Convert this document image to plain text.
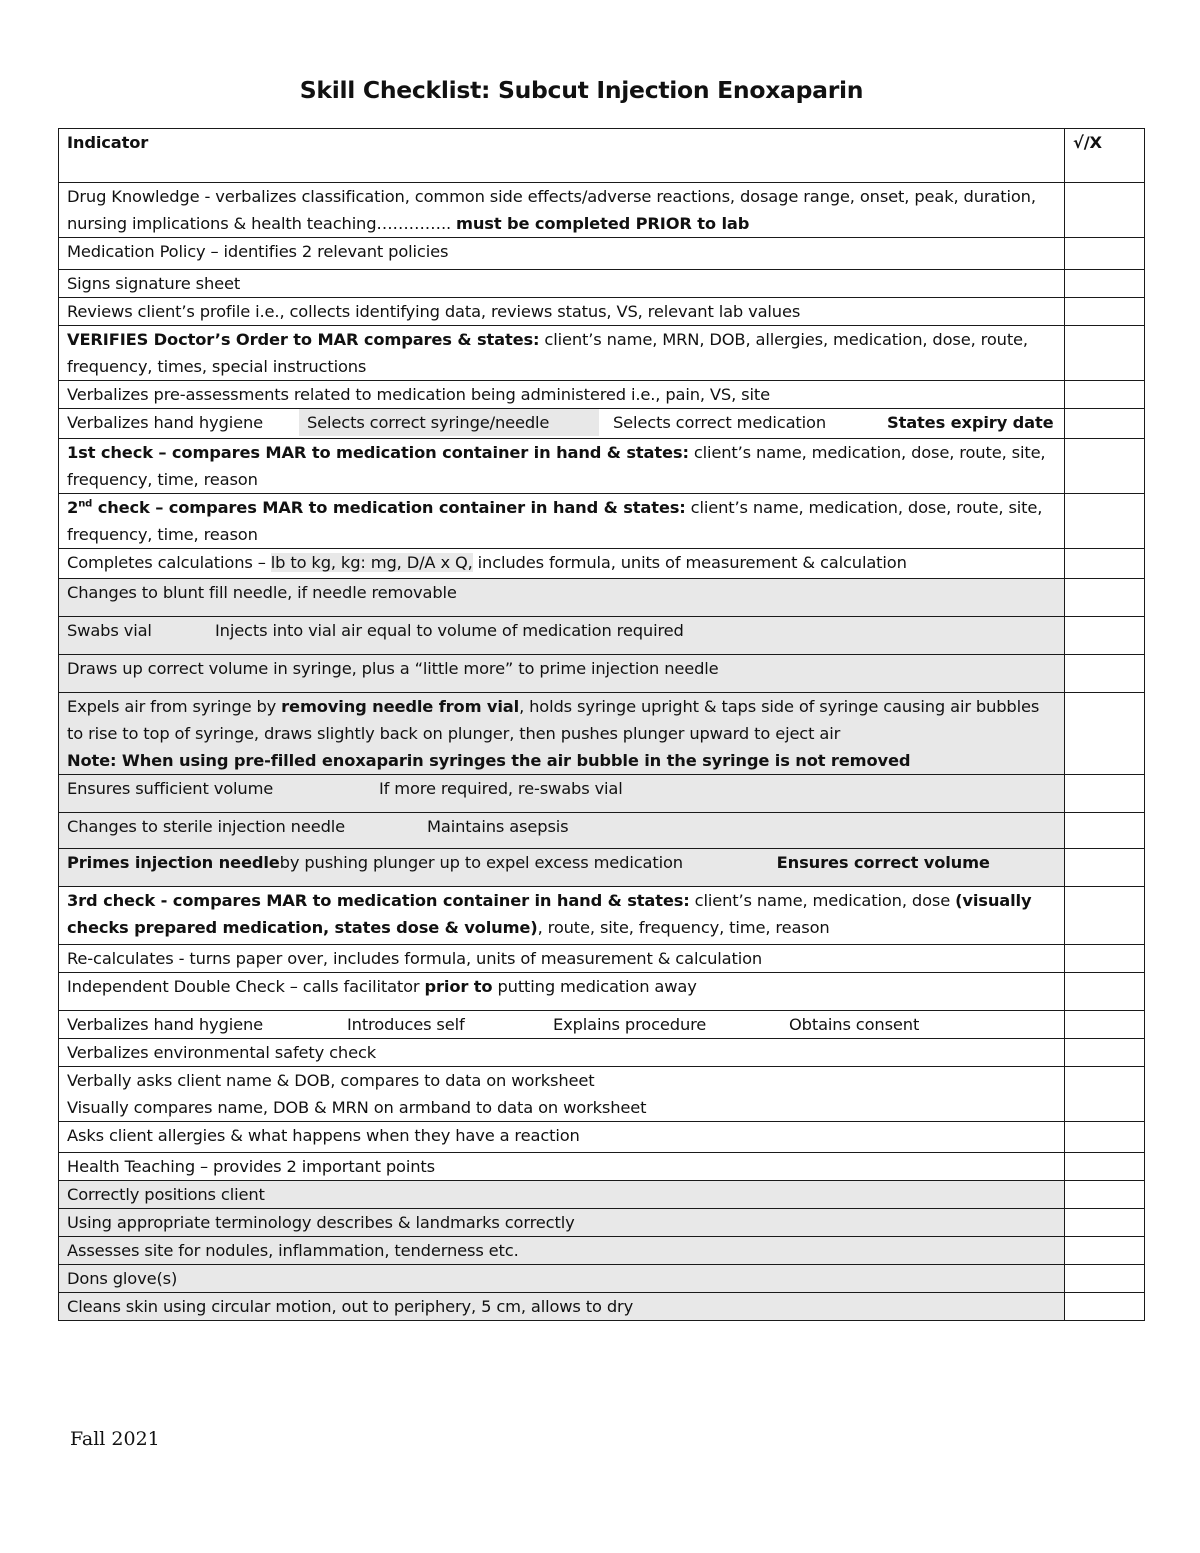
Skill Checklist: Subcut Injection Enoxaparin
Indicator	√/X
Drug Knowledge - verbalizes classification, common side effects/adverse reactions, dosage range, onset, peak, duration, nursing implications & health teaching………….. must be completed PRIOR to lab	
Medication Policy – identifies 2 relevant policies	
Signs signature sheet	
Reviews client’s profile i.e., collects identifying data, reviews status, VS, relevant lab values	
VERIFIES Doctor’s Order to MAR compares & states: client’s name, MRN, DOB, allergies, medication, dose, route, frequency, times, special instructions	
Verbalizes pre-assessments related to medication being administered i.e., pain, VS, site	
Verbalizes hand hygiene Selects correct syringe/needle Selects correct medication States expiry date	
1st check – compares MAR to medication container in hand & states: client’s name, medication, dose, route, site, frequency, time, reason	
2nd check – compares MAR to medication container in hand & states: client’s name, medication, dose, route, site, frequency, time, reason	
Completes calculations – lb to kg, kg: mg, D/A x Q, includes formula, units of measurement & calculation	
Changes to blunt fill needle, if needle removable	
Swabs vial Injects into vial air equal to volume of medication required	
Draws up correct volume in syringe, plus a “little more” to prime injection needle	
Expels air from syringe by removing needle from vial, holds syringe upright & taps side of syringe causing air bubbles to rise to top of syringe, draws slightly back on plunger, then pushes plunger upward to eject air
Note: When using pre-filled enoxaparin syringes the air bubble in the syringe is not removed	
Ensures sufficient volume If more required, re-swabs vial	
Changes to sterile injection needle Maintains asepsis	
Primes injection needleby pushing plunger up to expel excess medication Ensures correct volume	
3rd check - compares MAR to medication container in hand & states: client’s name, medication, dose (visually checks prepared medication, states dose & volume), route, site, frequency, time, reason	
Re-calculates - turns paper over, includes formula, units of measurement & calculation	
Independent Double Check – calls facilitator prior to putting medication away	
Verbalizes hand hygiene Introduces self Explains procedure Obtains consent	
Verbalizes environmental safety check	
Verbally asks client name & DOB, compares to data on worksheet
Visually compares name, DOB & MRN on armband to data on worksheet	
Asks client allergies & what happens when they have a reaction	
Health Teaching – provides 2 important points	
Correctly positions client	
Using appropriate terminology describes & landmarks correctly	
Assesses site for nodules, inflammation, tenderness etc.	
Dons glove(s)	
Cleans skin using circular motion, out to periphery, 5 cm, allows to dry	
Fall 2021
